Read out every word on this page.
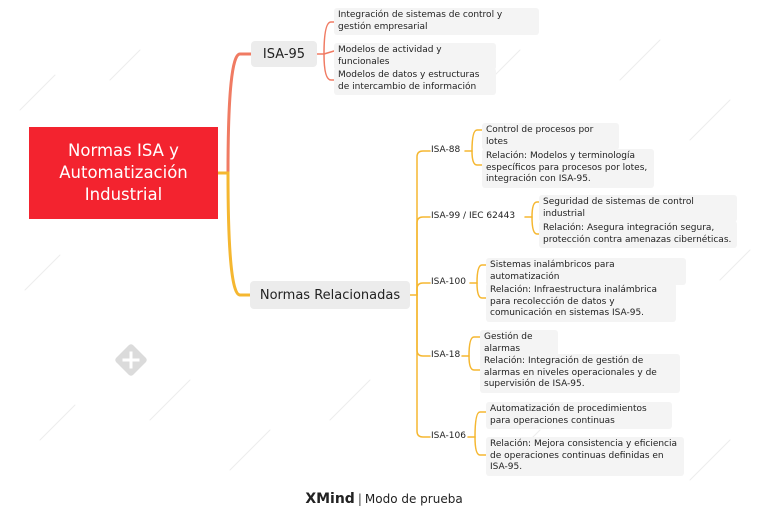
Normas ISA y Automatización Industrial
ISA-95
Normas Relacionadas
Integración de sistemas de control y gestión empresarial
Modelos de actividad y funcionales
Modelos de datos y estructuras de intercambio de información
ISA-88
ISA-99 / IEC 62443
ISA-100
ISA-18
ISA-106
Control de procesos por lotes
Relación: Modelos y terminología específicos para procesos por lotes, integración con ISA-95.
Seguridad de sistemas de control industrial
Relación: Asegura integración segura, protección contra amenazas cibernéticas.
Sistemas inalámbricos para automatización
Relación: Infraestructura inalámbrica para recolección de datos y comunicación en sistemas ISA-95.
Gestión de alarmas
Relación: Integración de gestión de alarmas en niveles operacionales y de supervisión de ISA-95.
Automatización de procedimientos para operaciones continuas
Relación: Mejora consistencia y eficiencia de operaciones continuas definidas en ISA-95.
XMind | Modo de prueba
